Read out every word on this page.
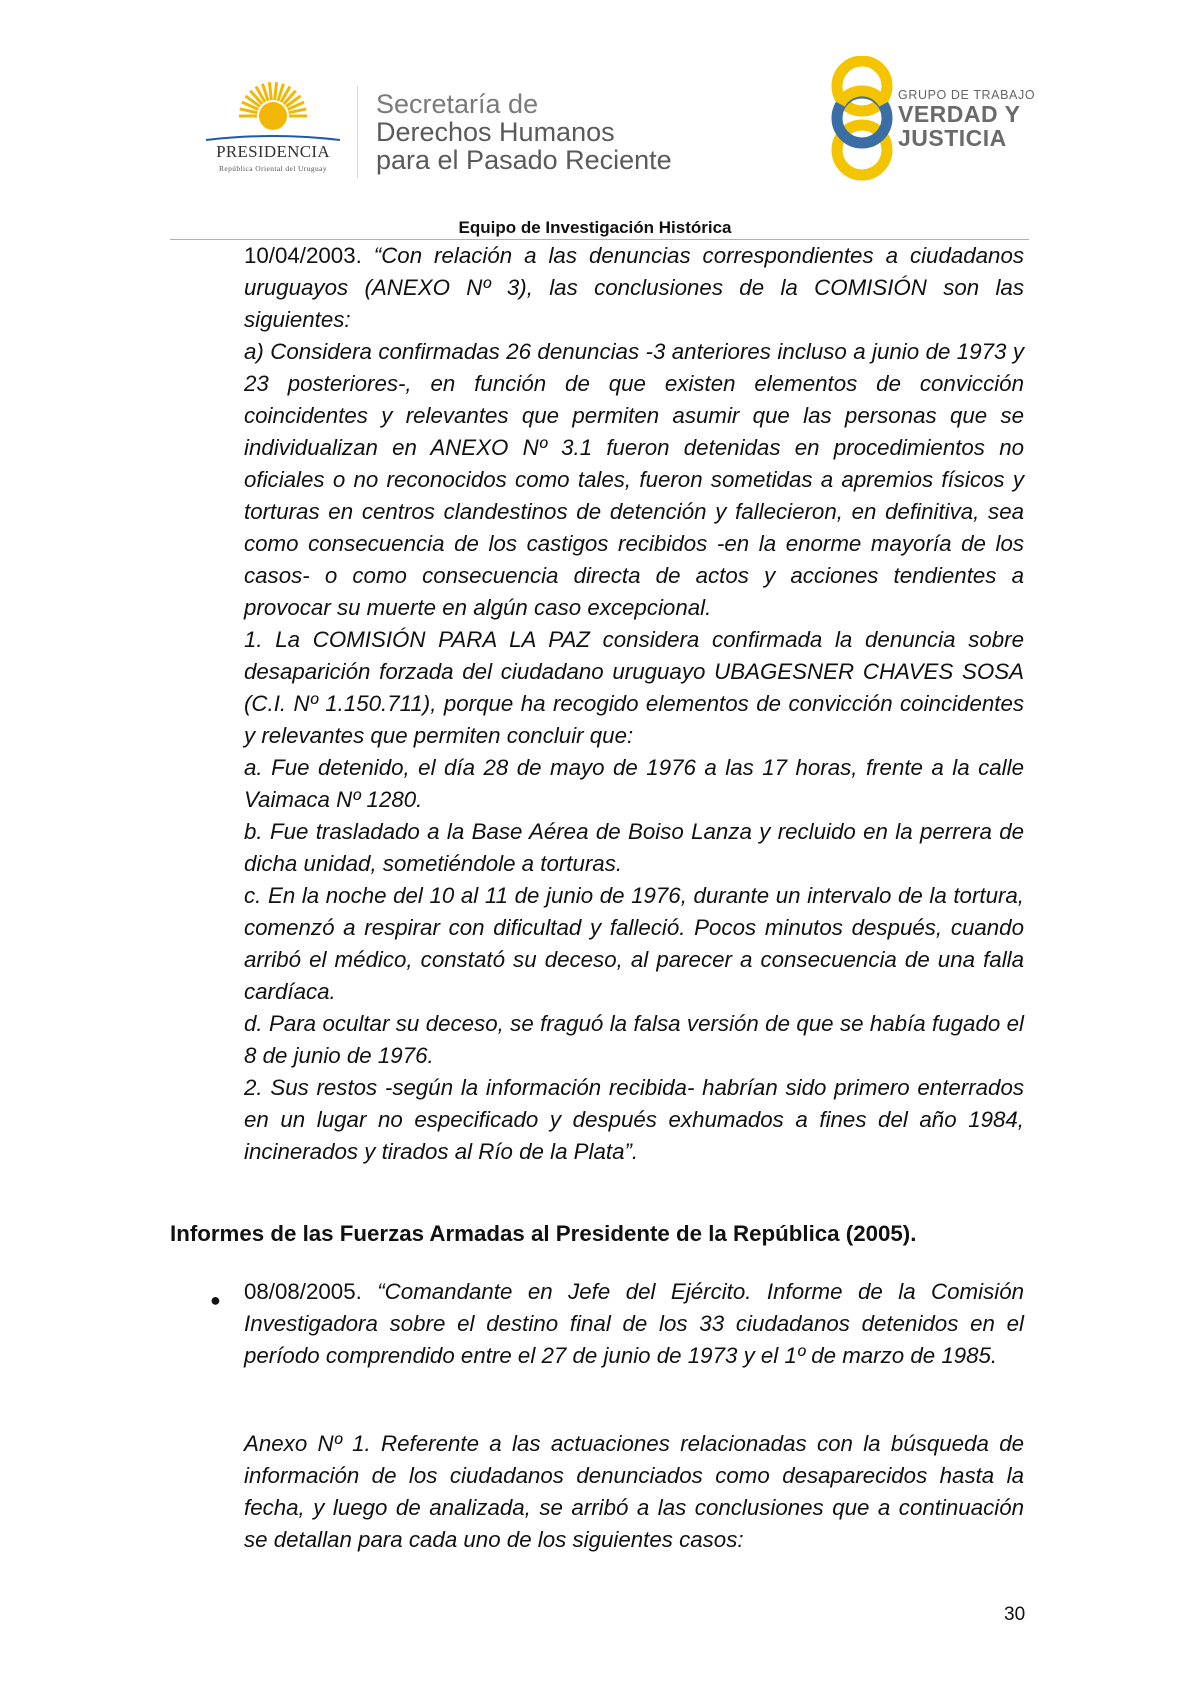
PRESIDENCIA
República Oriental del Uruguay
Secretaría de
Derechos Humanos
para el Pasado Reciente
GRUPO DE TRABAJO
VERDAD Y
JUSTICIA
Equipo de Investigación Histórica

10/04/2003. “Con relación a las denuncias correspondientes a ciudadanos uruguayos (ANEXO Nº 3), las conclusiones de la COMISIÓN son las siguientes:

a) Considera confirmadas 26 denuncias -3 anteriores incluso a junio de 1973 y 23 posteriores-, en función de que existen elementos de convicción coincidentes y relevantes que permiten asumir que las personas que se individualizan en ANEXO Nº 3.1 fueron detenidas en procedimientos no oficiales o no reconocidos como tales, fueron sometidas a apremios físicos y torturas en centros clandestinos de detención y fallecieron, en definitiva, sea como consecuencia de los castigos recibidos -en la enorme mayoría de los casos- o como consecuencia directa de actos y acciones tendientes a provocar su muerte en algún caso excepcional.

1. La COMISIÓN PARA LA PAZ considera confirmada la denuncia sobre desaparición forzada del ciudadano uruguayo UBAGESNER CHAVES SOSA (C.I. Nº 1.150.711), porque ha recogido elementos de convicción coincidentes y relevantes que permiten concluir que:

a. Fue detenido, el día 28 de mayo de 1976 a las 17 horas, frente a la calle Vaimaca Nº 1280.

b. Fue trasladado a la Base Aérea de Boiso Lanza y recluido en la perrera de dicha unidad, sometiéndole a torturas.

c. En la noche del 10 al 11 de junio de 1976, durante un intervalo de la tortura, comenzó a respirar con dificultad y falleció. Pocos minutos después, cuando arribó el médico, constató su deceso, al parecer a consecuencia de una falla cardíaca.

d. Para ocultar su deceso, se fraguó la falsa versión de que se había fugado el 8 de junio de 1976.

2. Sus restos -según la información recibida- habrían sido primero enterrados en un lugar no especificado y después exhumados a fines del año 1984, incinerados y tirados al Río de la Plata”.

Informes de las Fuerzas Armadas al Presidente de la República (2005).
● 08/08/2005. “Comandante en Jefe del Ejército. Informe de la Comisión Investigadora sobre el destino final de los 33 ciudadanos detenidos en el período comprendido entre el 27 de junio de 1973 y el 1º de marzo de 1985.

Anexo Nº 1. Referente a las actuaciones relacionadas con la búsqueda de información de los ciudadanos denunciados como desaparecidos hasta la fecha, y luego de analizada, se arribó a las conclusiones que a continuación se detallan para cada uno de los siguientes casos:

30
